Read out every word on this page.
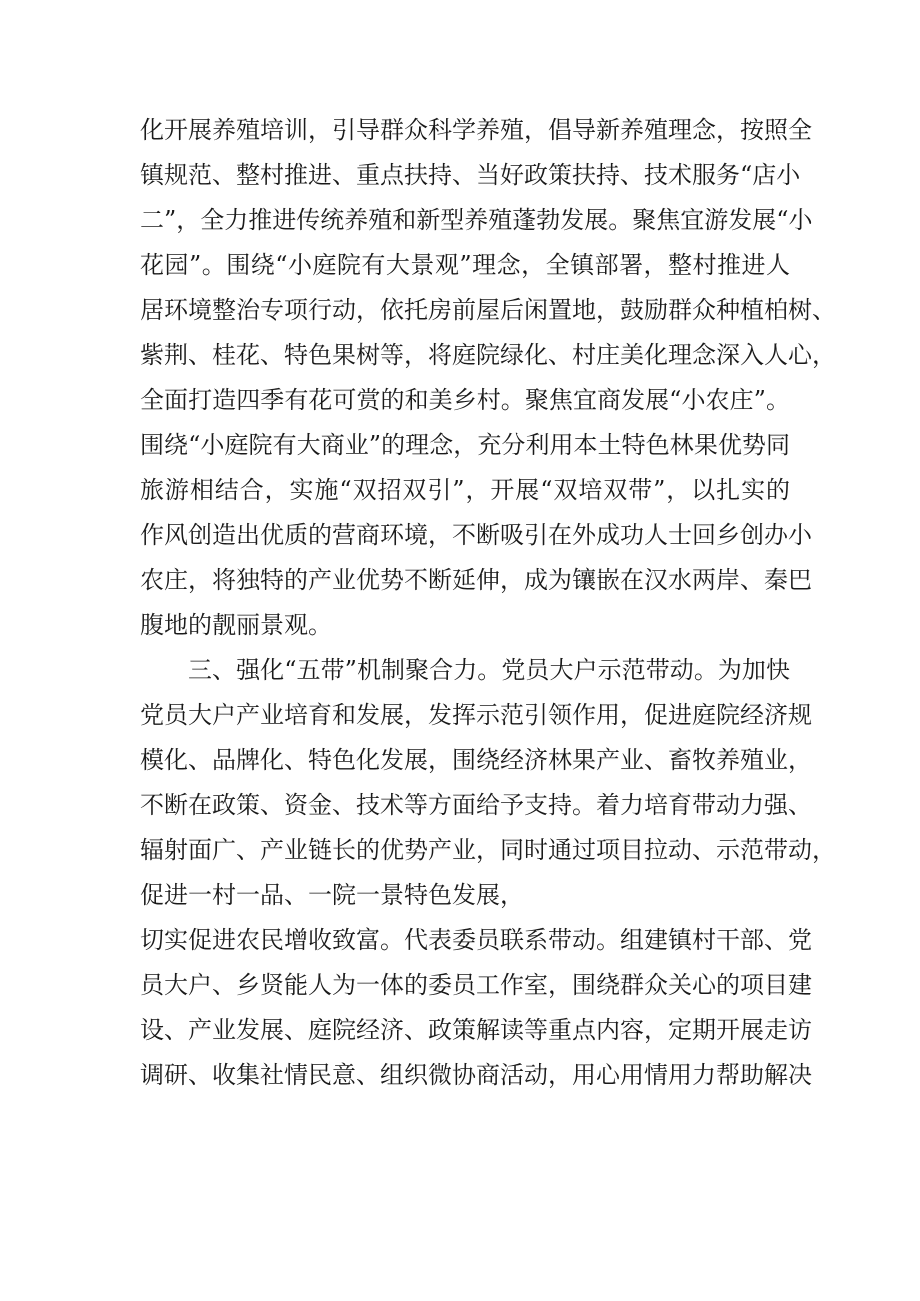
化开展养殖培训，引导群众科学养殖，倡导新养殖理念，按照全
镇规范、整村推进、重点扶持、当好政策扶持、技术服务“店小
二”，全力推进传统养殖和新型养殖蓬勃发展。聚焦宜游发展“小
花园”。围绕“小庭院有大景观”理念，全镇部署，整村推进人
居环境整治专项行动，依托房前屋后闲置地，鼓励群众种植柏树、
紫荆、桂花、特色果树等，将庭院绿化、村庄美化理念深入人心，
全面打造四季有花可赏的和美乡村。聚焦宜商发展“小农庄”。
围绕“小庭院有大商业”的理念，充分利用本土特色林果优势同
旅游相结合，实施“双招双引”，开展“双培双带”，以扎实的
作风创造出优质的营商环境，不断吸引在外成功人士回乡创办小
农庄，将独特的产业优势不断延伸，成为镶嵌在汉水两岸、秦巴
腹地的靓丽景观。
三、强化“五带”机制聚合力。党员大户示范带动。为加快
党员大户产业培育和发展，发挥示范引领作用，促进庭院经济规
模化、品牌化、特色化发展，围绕经济林果产业、畜牧养殖业，
不断在政策、资金、技术等方面给予支持。着力培育带动力强、
辐射面广、产业链长的优势产业，同时通过项目拉动、示范带动，
促进一村一品、一院一景特色发展，
切实促进农民增收致富。代表委员联系带动。组建镇村干部、党
员大户、乡贤能人为一体的委员工作室，围绕群众关心的项目建
设、产业发展、庭院经济、政策解读等重点内容，定期开展走访
调研、收集社情民意、组织微协商活动，用心用情用力帮助解决
